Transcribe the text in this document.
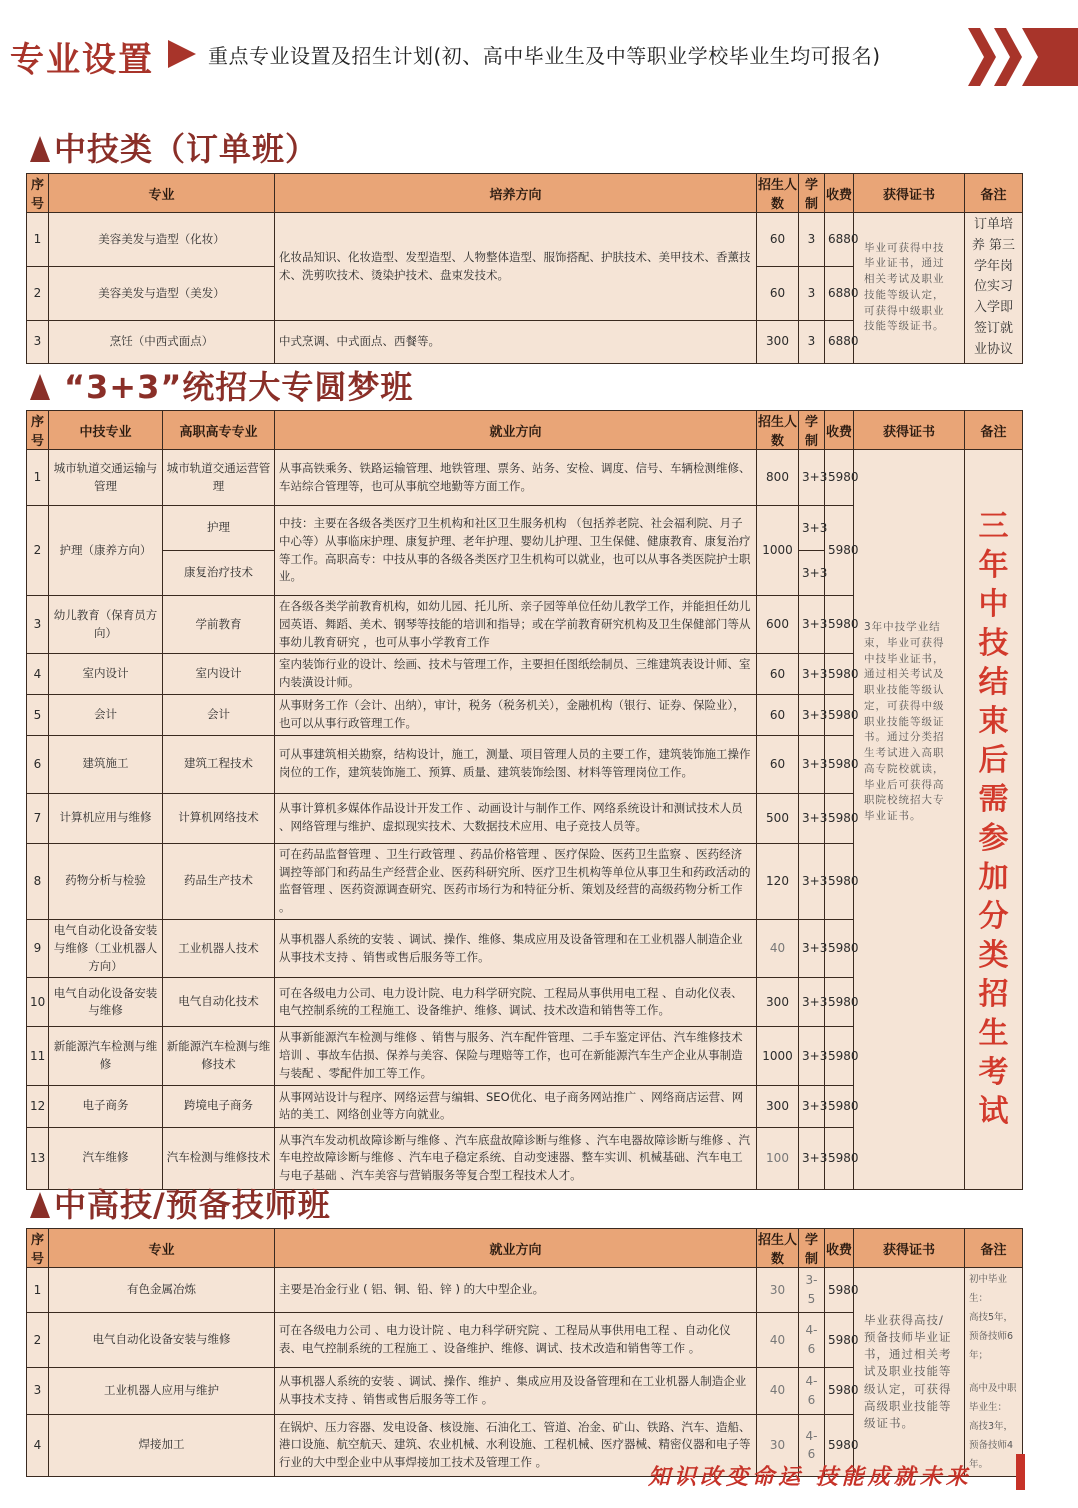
专业设置	重点专业设置及招生计划(初、高中毕业生及中等职业学校毕业生均可报名)
中技类（订单班）
序号	专业	培养方向	招生人数	学制	收费	获得证书	备注
1	美容美发与造型（化妆）	化妆品知识、化妆造型、发型造型、人物整体造型、服饰搭配、护肤技术、美甲技术、香薰技术、洗剪吹技术、烫染护技术、盘束发技术。	60	3	6880	毕业可获得中技毕业证书，通过相关考试及职业技能等级认定，可获得中级职业技能等级证书。	订单培养 第三学年岗位实习 入学即签订就业协议
2	美容美发与造型（美发）		60	3	6880		
3	烹饪（中西式面点）	中式烹调、中式面点、西餐等。	300	3	6880		
“3+3”统招大专圆梦班
序号	中技专业	高职高专专业	就业方向	招生人数	学制	收费	获得证书	备注
1	城市轨道交通运输与管理	城市轨道交通运营管理	从事高铁乘务、铁路运输管理、地铁管理、票务、站务、安检、调度、信号、车辆检测维修、车站综合管理等，也可从事航空地勤等方面工作。	800	3+3	5980	3年中技学业结束，毕业可获得中技毕业证书，通过相关考试及职业技能等级认定，可获得中级职业技能等级证书。通过分类招生考试进入高职高专院校就读，毕业后可获得高职院校统招大专毕业证书。	三年中技结束后需参加分类招生考试
2	护理（康养方向）	护理	中技：主要在各级各类医疗卫生机构和社区卫生服务机构 （包括养老院、社会福利院、月子中心等）从事临床护理、康复护理、老年护理、婴幼儿护理、卫生保健、健康教育、康复治疗等工作。高职高专：中技从事的各级各类医疗卫生机构可以就业，也可以从事各类医院护士职业。	1000	3+3	5980		
		康复治疗技术			3+3			
3	幼儿教育（保育员方向）	学前教育	在各级各类学前教育机构，如幼儿园、托儿所、亲子园等单位任幼儿教学工作，并能担任幼儿园英语、舞蹈、美术、钢琴等技能的培训和指导；或在学前教育研究机构及卫生保健部门等从事幼儿教育研究 ，也可从事小学教育工作	600	3+3	5980		
4	室内设计	室内设计	室内装饰行业的设计、绘画、技术与管理工作，主要担任图纸绘制员、三维建筑表设计师、室内装潢设计师。	60	3+3	5980		
5	会计	会计	从事财务工作（会计、出纳），审计，税务（税务机关），金融机构（银行、证券、保险业），也可以从事行政管理工作。	60	3+3	5980		
6	建筑施工	建筑工程技术	可从事建筑相关勘察，结构设计，施工，测量、项目管理人员的主要工作，建筑装饰施工操作岗位的工作，建筑装饰施工、预算、质量、建筑装饰绘图、材料等管理岗位工作。	60	3+3	5980		
7	计算机应用与维修	计算机网络技术	从事计算机多媒体作品设计开发工作 、动画设计与制作工作、网络系统设计和测试技术人员 、网络管理与维护、虚拟现实技术、大数据技术应用、电子竞技人员等。	500	3+3	5980		
8	药物分析与检验	药品生产技术	可在药品监督管理 、卫生行政管理 、药品价格管理 、医疗保险、医药卫生监察 、医药经济调控等部门和药品生产经营企业、医药科研究所、医疗卫生机构等单位从事卫生和药政活动的监督管理 、医药资源调查研究、医药市场行为和特征分析、策划及经营的高级药物分析工作 。	120	3+3	5980		
9	电气自动化设备安装与维修（工业机器人方向）	工业机器人技术	从事机器人系统的安装 、调试、操作、维修、集成应用及设备管理和在工业机器人制造企业从事技术支持 、销售或售后服务等工作。	40	3+3	5980		
10	电气自动化设备安装与维修	电气自动化技术	可在各级电力公司、电力设计院、电力科学研究院、工程局从事供用电工程 、自动化仪表、电气控制系统的工程施工、设备维护、维修、调试、技术改造和销售等工作。	300	3+3	5980		
11	新能源汽车检测与维修	新能源汽车检测与维修技术	从事新能源汽车检测与维修 、销售与服务、汽车配件管理、二手车鉴定评估、汽车维修技术培训 、事故车估损、保养与美容、保险与理赔等工作，也可在新能源汽车生产企业从事制造与装配 、零配件加工等工作。	1000	3+3	5980		
12	电子商务	跨境电子商务	从事网站设计与程序、网络运营与编辑、SEO优化、电子商务网站推广 、网络商店运营、网站的美工、网络创业等方向就业。	300	3+3	5980		
13	汽车维修	汽车检测与维修技术	从事汽车发动机故障诊断与维修 、汽车底盘故障诊断与维修 、汽车电器故障诊断与维修 、汽车电控故障诊断与维修 、汽车电子稳定系统、自动变速器、整车实训、机械基础、汽车电工与电子基础 、汽车美容与营销服务等复合型工程技术人才。	100	3+3	5980		
中高技/预备技师班
序号	专业	就业方向	招生人数	学制	收费	获得证书	备注
1	有色金属冶炼	主要是冶金行业 ( 铝、铜、铅、锌 ) 的大中型企业。	30	3-5	5980	毕业获得高技/预备技师毕业证书，通过相关考试及职业技能等级认定，可获得高级职业技能等级证书。	
初中毕业生：
高技5年，
预备技师6年；
高中及中职
毕业生：
高技3年，
预备技师4年。

2	电气自动化设备安装与维修	可在各级电力公司 、电力设计院 、电力科学研究院 、工程局从事供用电工程 、自动化仪表、电气控制系统的工程施工 、设备维护、维修、调试、技术改造和销售等工作 。	40	4-6	5980		
3	工业机器人应用与维护	从事机器人系统的安装 、调试、操作、维护 、集成应用及设备管理和在工业机器人制造企业从事技术支持 、销售或售后服务等工作 。	40	4-6	5980		
4	焊接加工	在锅炉、压力容器、发电设备、核设施、石油化工、管道、冶金、矿山、铁路、汽车、造船、港口设施、航空航天、建筑、农业机械、水利设施、工程机械、医疗器械、精密仪器和电子等行业的大中型企业中从事焊接加工技术及管理工作 。	30	4-6	5980		
知识改变命运 技能成就未来
